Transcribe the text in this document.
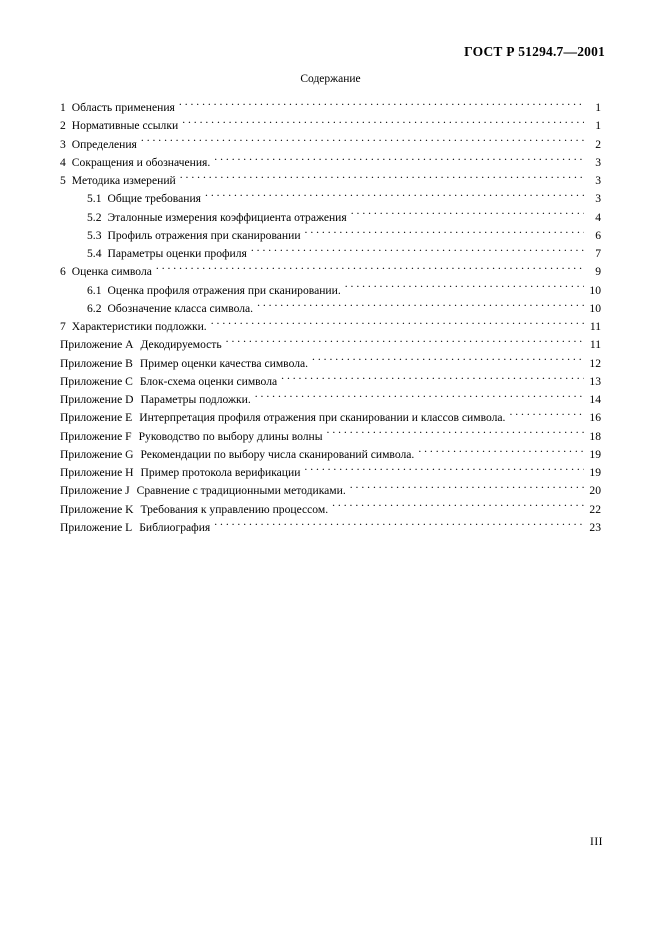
ГОСТ Р 51294.7—2001
Содержание
1 Область применения . . .	1
2 Нормативные ссылки . . .	1
3 Определения . . .	2
4 Сокращения и обозначения. . . .	3
5 Методика измерений . . .	3
5.1 Общие требования . . .	3
5.2 Эталонные измерения коэффициента отражения . . .	4
5.3 Профиль отражения при сканировании . . .	6
5.4 Параметры оценки профиля . . .	7
6 Оценка символа . . .	9
6.1 Оценка профиля отражения при сканировании. . . .	10
6.2 Обозначение класса символа. . . .	10
7 Характеристики подложки. . . .	11
Приложение A Декодируемость . . .	11
Приложение B Пример оценки качества символа. . . .	12
Приложение C Блок-схема оценки символа . . .	13
Приложение D Параметры подложки. . . .	14
Приложение E Интерпретация профиля отражения при сканировании и классов символа. . . .	16
Приложение F Руководство по выбору длины волны . . .	18
Приложение G Рекомендации по выбору числа сканирований символа. . . .	19
Приложение H Пример протокола верификации . . .	19
Приложение J Сравнение с традиционными методиками. . . .	20
Приложение K Требования к управлению процессом. . . .	22
Приложение L Библиография . . .	23
III
